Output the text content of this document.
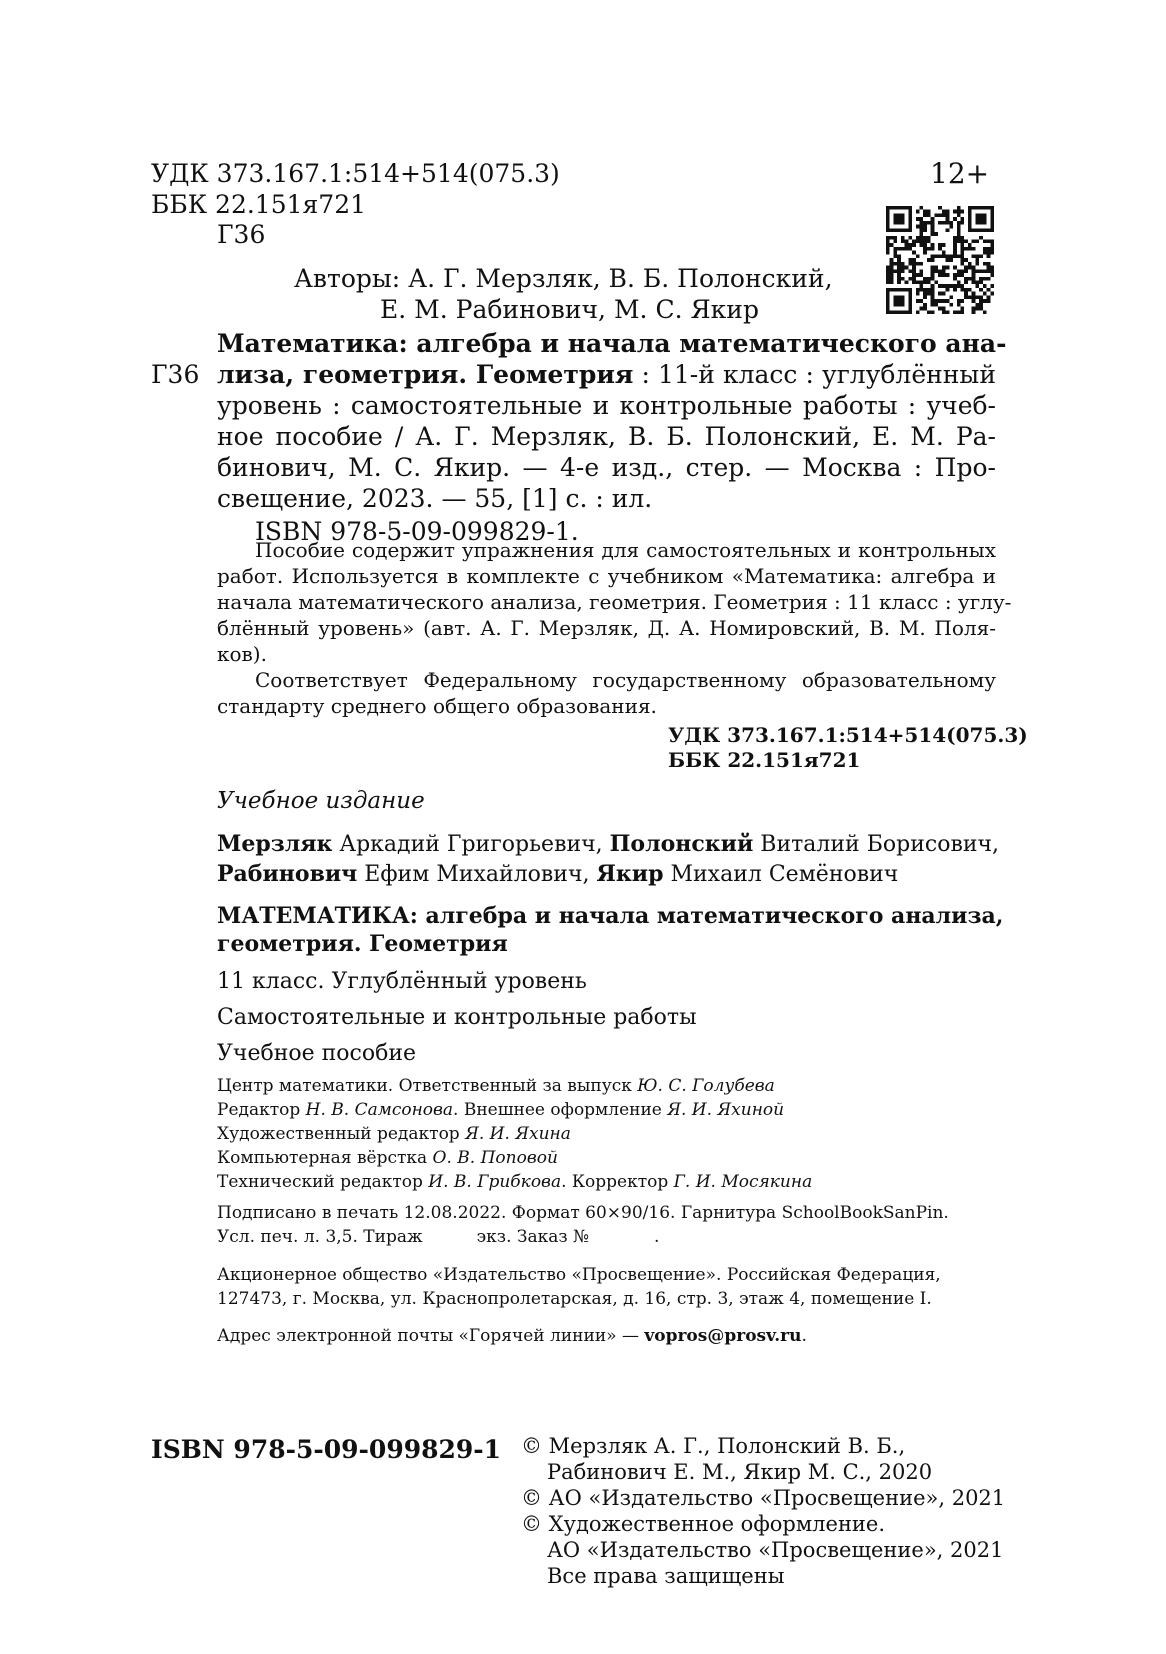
УДК 373.167.1:514+514(075.3)
ББК 22.151я721
Г36
12+
Авторы: А. Г. Мерзляк, В. Б. Полонский,
Е. М. Рабинович, М. С. Якир
Г36
Математика: алгебра и начала математического ана-
лиза, геометрия. Геометрия : 11-й класс : углублённый
уровень : самостоятельные и контрольные работы : учеб-
ное пособие / А. Г. Мерзляк, В. Б. Полонский, Е. М. Ра-
бинович, М. С. Якир. — 4-е изд., стер. — Москва : Про-
свещение, 2023. — 55, [1] с. : ил.
ISBN 978-5-09-099829-1.
Пособие содержит упражнения для самостоятельных и контрольных
работ. Используется в комплекте с учебником «Математика: алгебра и
начала математического анализа, геометрия. Геометрия : 11 класс : углу-
блённый уровень» (авт. А. Г. Мерзляк, Д. А. Номировский, В. М. Поля-
ков).
Соответствует Федеральному государственному образовательному
стандарту среднего общего образования.
УДК 373.167.1:514+514(075.3)
ББК 22.151я721
Учебное издание
Мерзляк Аркадий Григорьевич, Полонский Виталий Борисович,
Рабинович Ефим Михайлович, Якир Михаил Семёнович
МАТЕМАТИКА: алгебра и начала математического анализа,
геометрия. Геометрия
11 класс. Углублённый уровень
Самостоятельные и контрольные работы
Учебное пособие
Центр математики. Ответственный за выпуск Ю. С. Голубева
Редактор Н. В. Самсонова. Внешнее оформление Я. И. Яхиной
Художественный редактор Я. И. Яхина
Компьютерная вёрстка О. В. Поповой
Технический редактор И. В. Грибкова. Корректор Г. И. Мосякина
Подписано в печать 12.08.2022. Формат 60×90/16. Гарнитура SchoolBookSanPin.
Усл. печ. л. 3,5. Тираж          экз. Заказ №            .
Акционерное общество «Издательство «Просвещение». Российская Федерация,
127473, г. Москва, ул. Краснопролетарская, д. 16, стр. 3, этаж 4, помещение I.
Адрес электронной почты «Горячей линии» — vopros@prosv.ru.
ISBN 978-5-09-099829-1 © Мерзляк А. Г., Полонский В. Б.,
Рабинович Е. М., Якир М. С., 2020
© АО «Издательство «Просвещение», 2021
© Художественное оформление.
АО «Издательство «Просвещение», 2021
Все права защищены
